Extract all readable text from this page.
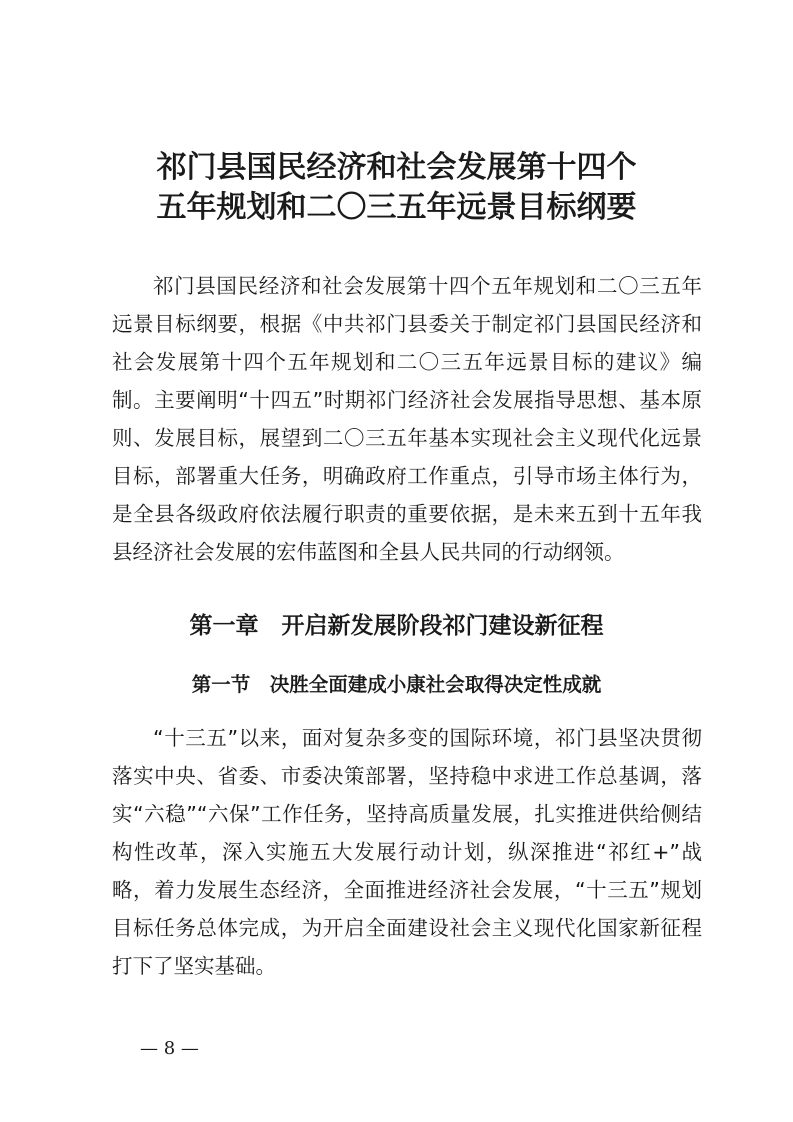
祁门县国民经济和社会发展第十四个
五年规划和二〇三五年远景目标纲要

祁门县国民经济和社会发展第十四个五年规划和二〇三五年远景目标纲要，根据《中共祁门县委关于制定祁门县国民经济和社会发展第十四个五年规划和二〇三五年远景目标的建议》编制。主要阐明“十四五”时期祁门经济社会发展指导思想、基本原则、发展目标，展望到二〇三五年基本实现社会主义现代化远景目标，部署重大任务，明确政府工作重点，引导市场主体行为，是全县各级政府依法履行职责的重要依据，是未来五到十五年我县经济社会发展的宏伟蓝图和全县人民共同的行动纲领。

第一章　开启新发展阶段祁门建设新征程
第一节　决胜全面建成小康社会取得决定性成就

“十三五”以来，面对复杂多变的国际环境，祁门县坚决贯彻落实中央、省委、市委决策部署，坚持稳中求进工作总基调，落实“六稳”“六保”工作任务，坚持高质量发展，扎实推进供给侧结构性改革，深入实施五大发展行动计划，纵深推进“祁红+”战略，着力发展生态经济，全面推进经济社会发展，“十三五”规划目标任务总体完成，为开启全面建设社会主义现代化国家新征程打下了坚实基础。

— 8 —
